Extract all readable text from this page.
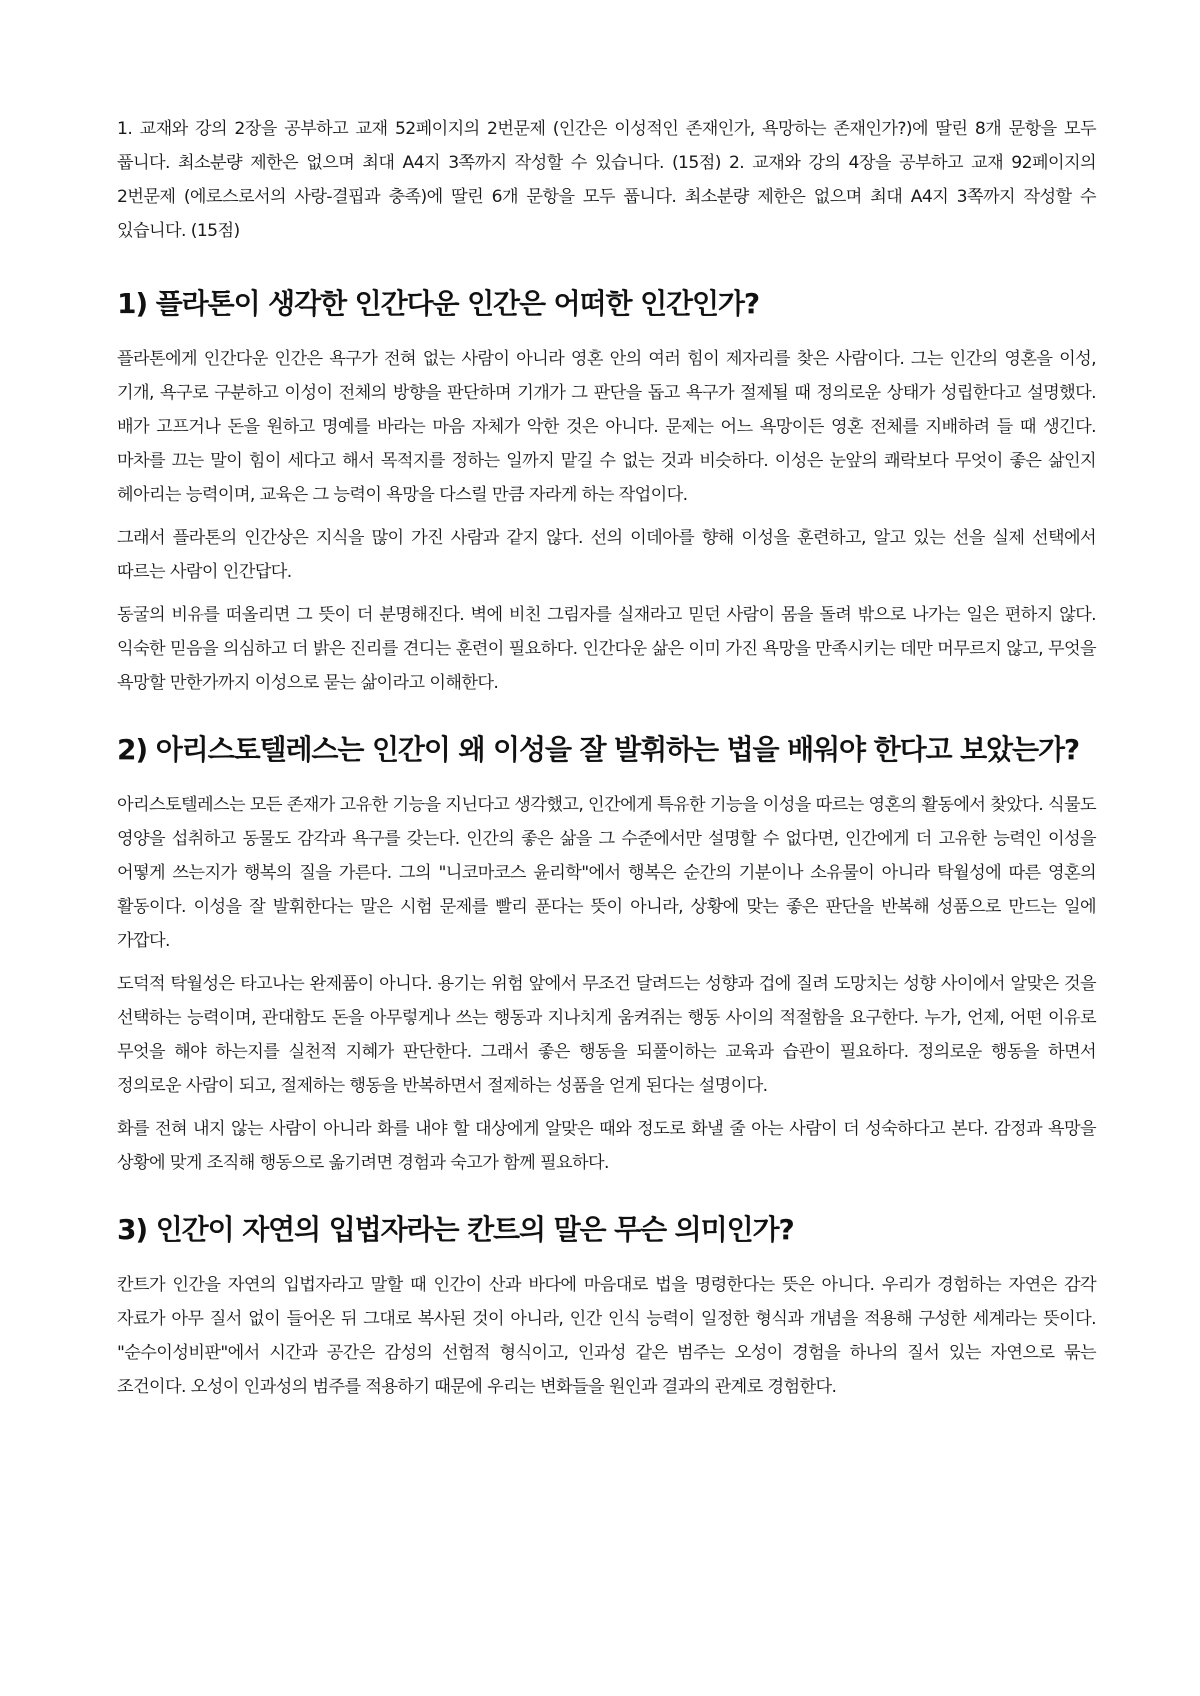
1. 교재와 강의 2장을 공부하고 교재 52페이지의 2번문제 (인간은 이성적인 존재인가, 욕망하는 존재인가?)에 딸린 8개 문항을 모두 풉니다. 최소분량 제한은 없으며 최대 A4지 3쪽까지 작성할 수 있습니다. (15점) 2. 교재와 강의 4장을 공부하고 교재 92페이지의 2번문제 (에로스로서의 사랑-결핍과 충족)에 딸린 6개 문항을 모두 풉니다. 최소분량 제한은 없으며 최대 A4지 3쪽까지 작성할 수 있습니다. (15점)

1) 플라톤이 생각한 인간다운 인간은 어떠한 인간인가?

플라톤에게 인간다운 인간은 욕구가 전혀 없는 사람이 아니라 영혼 안의 여러 힘이 제자리를 찾은 사람이다. 그는 인간의 영혼을 이성, 기개, 욕구로 구분하고 이성이 전체의 방향을 판단하며 기개가 그 판단을 돕고 욕구가 절제될 때 정의로운 상태가 성립한다고 설명했다. 배가 고프거나 돈을 원하고 명예를 바라는 마음 자체가 악한 것은 아니다. 문제는 어느 욕망이든 영혼 전체를 지배하려 들 때 생긴다. 마차를 끄는 말이 힘이 세다고 해서 목적지를 정하는 일까지 맡길 수 없는 것과 비슷하다. 이성은 눈앞의 쾌락보다 무엇이 좋은 삶인지 헤아리는 능력이며, 교육은 그 능력이 욕망을 다스릴 만큼 자라게 하는 작업이다.

그래서 플라톤의 인간상은 지식을 많이 가진 사람과 같지 않다. 선의 이데아를 향해 이성을 훈련하고, 알고 있는 선을 실제 선택에서 따르는 사람이 인간답다.

동굴의 비유를 떠올리면 그 뜻이 더 분명해진다. 벽에 비친 그림자를 실재라고 믿던 사람이 몸을 돌려 밖으로 나가는 일은 편하지 않다. 익숙한 믿음을 의심하고 더 밝은 진리를 견디는 훈련이 필요하다. 인간다운 삶은 이미 가진 욕망을 만족시키는 데만 머무르지 않고, 무엇을 욕망할 만한가까지 이성으로 묻는 삶이라고 이해한다.

2) 아리스토텔레스는 인간이 왜 이성을 잘 발휘하는 법을 배워야 한다고 보았는가?

아리스토텔레스는 모든 존재가 고유한 기능을 지닌다고 생각했고, 인간에게 특유한 기능을 이성을 따르는 영혼의 활동에서 찾았다. 식물도 영양을 섭취하고 동물도 감각과 욕구를 갖는다. 인간의 좋은 삶을 그 수준에서만 설명할 수 없다면, 인간에게 더 고유한 능력인 이성을 어떻게 쓰는지가 행복의 질을 가른다. 그의 "니코마코스 윤리학"에서 행복은 순간의 기분이나 소유물이 아니라 탁월성에 따른 영혼의 활동이다. 이성을 잘 발휘한다는 말은 시험 문제를 빨리 푼다는 뜻이 아니라, 상황에 맞는 좋은 판단을 반복해 성품으로 만드는 일에 가깝다.

도덕적 탁월성은 타고나는 완제품이 아니다. 용기는 위험 앞에서 무조건 달려드는 성향과 겁에 질려 도망치는 성향 사이에서 알맞은 것을 선택하는 능력이며, 관대함도 돈을 아무렇게나 쓰는 행동과 지나치게 움켜쥐는 행동 사이의 적절함을 요구한다. 누가, 언제, 어떤 이유로 무엇을 해야 하는지를 실천적 지혜가 판단한다. 그래서 좋은 행동을 되풀이하는 교육과 습관이 필요하다. 정의로운 행동을 하면서 정의로운 사람이 되고, 절제하는 행동을 반복하면서 절제하는 성품을 얻게 된다는 설명이다.

화를 전혀 내지 않는 사람이 아니라 화를 내야 할 대상에게 알맞은 때와 정도로 화낼 줄 아는 사람이 더 성숙하다고 본다. 감정과 욕망을 상황에 맞게 조직해 행동으로 옮기려면 경험과 숙고가 함께 필요하다.

3) 인간이 자연의 입법자라는 칸트의 말은 무슨 의미인가?

칸트가 인간을 자연의 입법자라고 말할 때 인간이 산과 바다에 마음대로 법을 명령한다는 뜻은 아니다. 우리가 경험하는 자연은 감각 자료가 아무 질서 없이 들어온 뒤 그대로 복사된 것이 아니라, 인간 인식 능력이 일정한 형식과 개념을 적용해 구성한 세계라는 뜻이다. "순수이성비판"에서 시간과 공간은 감성의 선험적 형식이고, 인과성 같은 범주는 오성이 경험을 하나의 질서 있는 자연으로 묶는 조건이다. 오성이 인과성의 범주를 적용하기 때문에 우리는 변화들을 원인과 결과의 관계로 경험한다.
